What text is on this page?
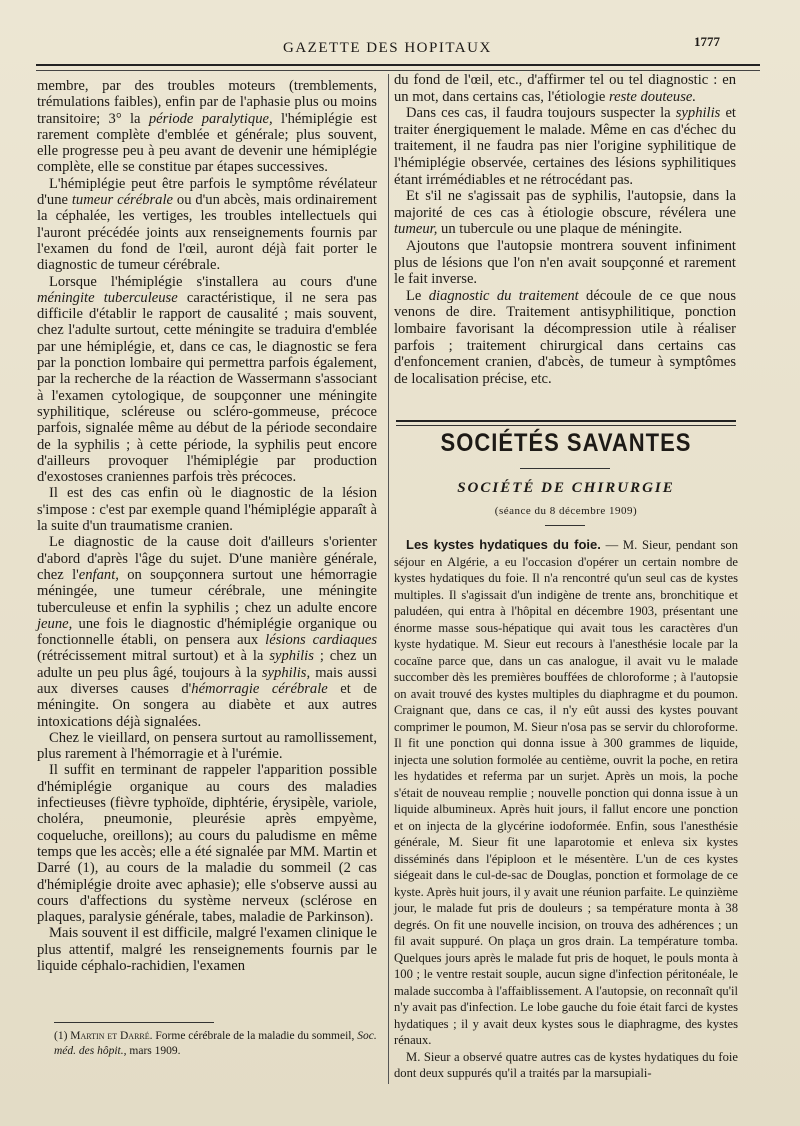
GAZETTE DES HOPITAUX	1777

membre, par des troubles moteurs (tremblements, trémulations faibles), enfin par de l'aphasie plus ou moins transitoire; 3° la période paralytique, l'hémiplégie est rarement complète d'emblée et générale; plus souvent, elle progresse peu à peu avant de devenir une hémiplégie complète, elle se constitue par étapes successives.

L'hémiplégie peut être parfois le symptôme révélateur d'une tumeur cérébrale ou d'un abcès, mais ordinairement la céphalée, les vertiges, les troubles intellectuels qui l'auront précédée joints aux renseignements fournis par l'examen du fond de l'œil, auront déjà fait porter le diagnostic de tumeur cérébrale.

Lorsque l'hémiplégie s'installera au cours d'une méningite tuberculeuse caractéristique, il ne sera pas difficile d'établir le rapport de causalité ; mais souvent, chez l'adulte surtout, cette méningite se traduira d'emblée par une hémiplégie, et, dans ce cas, le diagnostic se fera par la ponction lombaire qui permettra parfois également, par la recherche de la réaction de Wassermann s'associant à l'examen cytologique, de soupçonner une méningite syphilitique, scléreuse ou scléro-gommeuse, précoce parfois, signalée même au début de la période secondaire de la syphilis ; à cette période, la syphilis peut encore d'ailleurs provoquer l'hémiplégie par production d'exostoses craniennes parfois très précoces.

Il est des cas enfin où le diagnostic de la lésion s'impose : c'est par exemple quand l'hémiplégie apparaît à la suite d'un traumatisme cranien.

Le diagnostic de la cause doit d'ailleurs s'orienter d'abord d'après l'âge du sujet. D'une manière générale, chez l'enfant, on soupçonnera surtout une hémorragie méningée, une tumeur cérébrale, une méningite tuberculeuse et enfin la syphilis ; chez un adulte encore jeune, une fois le diagnostic d'hémiplégie organique ou fonctionnelle établi, on pensera aux lésions cardiaques (rétrécissement mitral surtout) et à la syphilis ; chez un adulte un peu plus âgé, toujours à la syphilis, mais aussi aux diverses causes d'hémorragie cérébrale et de méningite. On songera au diabète et aux autres intoxications déjà signalées.

Chez le vieillard, on pensera surtout au ramollissement, plus rarement à l'hémorragie et à l'urémie.

Il suffit en terminant de rappeler l'apparition possible d'hémiplégie organique au cours des maladies infectieuses (fièvre typhoïde, diphtérie, érysipèle, variole, choléra, pneumonie, pleurésie après empyème, coqueluche, oreillons); au cours du paludisme en même temps que les accès; elle a été signalée par MM. Martin et Darré (1), au cours de la maladie du sommeil (2 cas d'hémiplégie droite avec aphasie); elle s'observe aussi au cours d'affections du système nerveux (sclérose en plaques, paralysie générale, tabes, maladie de Parkinson).

Mais souvent il est difficile, malgré l'examen clinique le plus attentif, malgré les renseignements fournis par le liquide céphalo-rachidien, l'examen

(1) Martin et Darré. Forme cérébrale de la maladie du sommeil, Soc. méd. des hôpit., mars 1909.

du fond de l'œil, etc., d'affirmer tel ou tel diagnostic : en un mot, dans certains cas, l'étiologie reste douteuse.

Dans ces cas, il faudra toujours suspecter la syphilis et traiter énergiquement le malade. Même en cas d'échec du traitement, il ne faudra pas nier l'origine syphilitique de l'hémiplégie observée, certaines des lésions syphilitiques étant irrémédiables et ne rétrocédant pas.

Et s'il ne s'agissait pas de syphilis, l'autopsie, dans la majorité de ces cas à étiologie obscure, révélera une tumeur, un tubercule ou une plaque de méningite.

Ajoutons que l'autopsie montrera souvent infiniment plus de lésions que l'on n'en avait soupçonné et rarement le fait inverse.

Le diagnostic du traitement découle de ce que nous venons de dire. Traitement antisyphilitique, ponction lombaire favorisant la décompression utile à réaliser parfois ; traitement chirurgical dans certains cas d'enfoncement cranien, d'abcès, de tumeur à symptômes de localisation précise, etc.

SOCIÉTÉS SAVANTES
SOCIÉTÉ DE CHIRURGIE
(séance du 8 décembre 1909)

Les kystes hydatiques du foie. — M. Sieur, pendant son séjour en Algérie, a eu l'occasion d'opérer un certain nombre de kystes hydatiques du foie. Il n'a rencontré qu'un seul cas de kystes multiples. Il s'agissait d'un indigène de trente ans, bronchitique et paludéen, qui entra à l'hôpital en décembre 1903, présentant une énorme masse sous-hépatique qui avait tous les caractères d'un kyste hydatique. M. Sieur eut recours à l'anesthésie locale par la cocaïne parce que, dans un cas analogue, il avait vu le malade succomber dès les premières bouffées de chloroforme ; à l'autopsie on avait trouvé des kystes multiples du diaphragme et du poumon. Craignant que, dans ce cas, il n'y eût aussi des kystes pouvant comprimer le poumon, M. Sieur n'osa pas se servir du chloroforme. Il fit une ponction qui donna issue à 300 grammes de liquide, injecta une solution formolée au centième, ouvrit la poche, en retira les hydatides et referma par un surjet. Après un mois, la poche s'était de nouveau remplie ; nouvelle ponction qui donna issue à un liquide albumineux. Après huit jours, il fallut encore une ponction et on injecta de la glycérine iodoformée. Enfin, sous l'anesthésie générale, M. Sieur fit une laparotomie et enleva six kystes disséminés dans l'épiploon et le mésentère. L'un de ces kystes siégeait dans le cul-de-sac de Douglas, ponction et formolage de ce kyste. Après huit jours, il y avait une réunion parfaite. Le quinzième jour, le malade fut pris de douleurs ; sa température monta à 38 degrés. On fit une nouvelle incision, on trouva des adhérences ; un fil avait suppuré. On plaça un gros drain. La température tomba. Quelques jours après le malade fut pris de hoquet, le pouls monta à 100 ; le ventre restait souple, aucun signe d'infection péritonéale, le malade succomba à l'affaiblissement. A l'autopsie, on reconnaît qu'il n'y avait pas d'infection. Le lobe gauche du foie était farci de kystes hydatiques ; il y avait deux kystes sous le diaphragme, des kystes rénaux.

M. Sieur a observé quatre autres cas de kystes hydatiques du foie dont deux suppurés qu'il a traités par la marsupiali-
